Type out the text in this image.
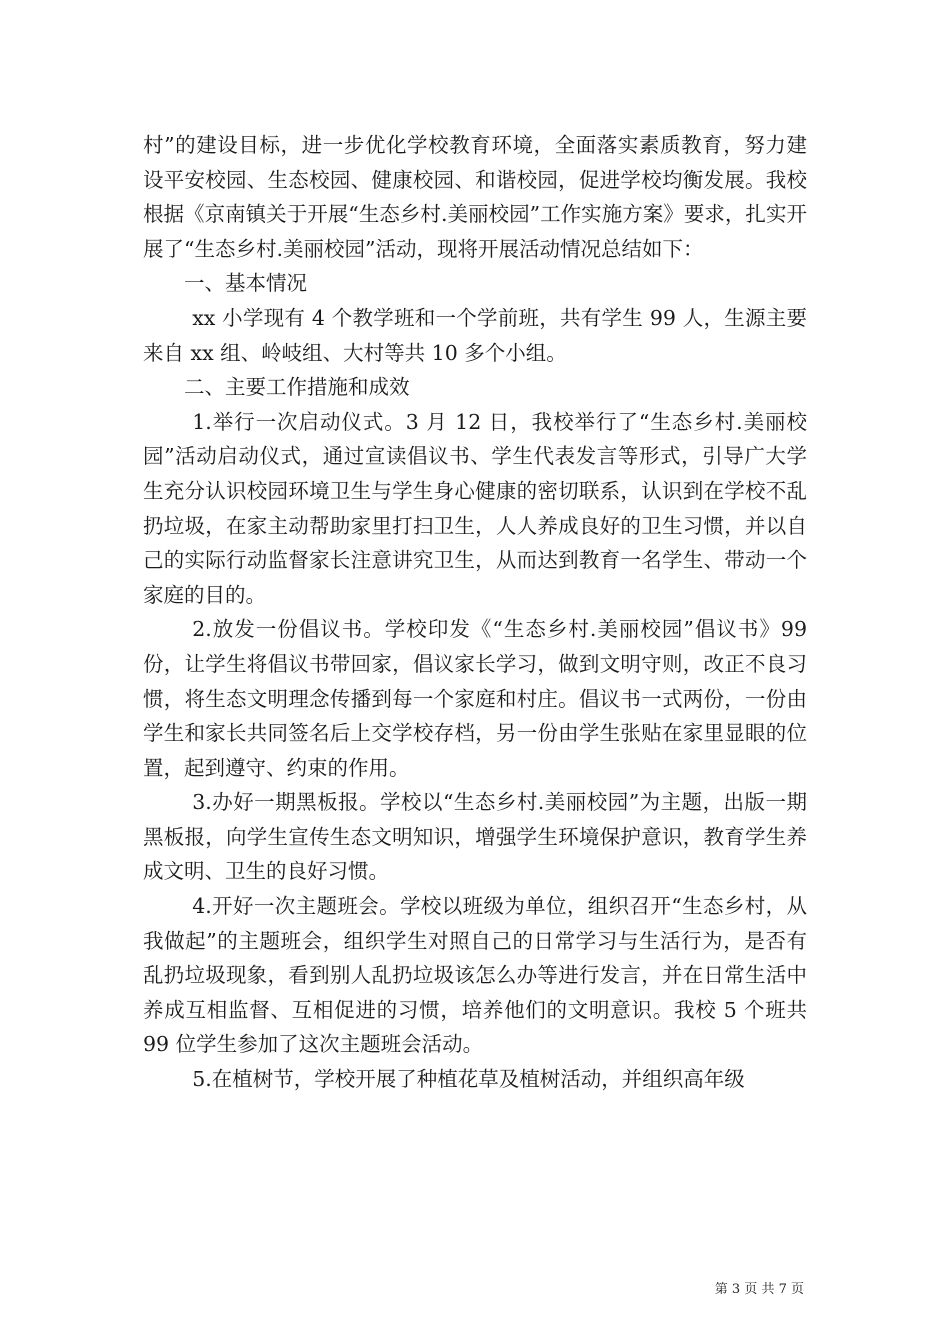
村”的建设目标，进一步优化学校教育环境，全面落实素质教育，努力建设平安校园、生态校园、健康校园、和谐校园，促进学校均衡发展。我校根据《京南镇关于开展“生态乡村.美丽校园”工作实施方案》要求，扎实开展了“生态乡村.美丽校园”活动，现将开展活动情况总结如下：

一、基本情况

xx 小学现有 4 个教学班和一个学前班，共有学生 99 人，生源主要来自 xx 组、岭岐组、大村等共 10 多个小组。

二、主要工作措施和成效

1.举行一次启动仪式。3 月 12 日，我校举行了“生态乡村.美丽校园”活动启动仪式，通过宣读倡议书、学生代表发言等形式，引导广大学生充分认识校园环境卫生与学生身心健康的密切联系，认识到在学校不乱扔垃圾，在家主动帮助家里打扫卫生，人人养成良好的卫生习惯，并以自己的实际行动监督家长注意讲究卫生，从而达到教育一名学生、带动一个家庭的目的。

2.放发一份倡议书。学校印发《“生态乡村.美丽校园”倡议书》99 份，让学生将倡议书带回家，倡议家长学习，做到文明守则，改正不良习惯，将生态文明理念传播到每一个家庭和村庄。倡议书一式两份，一份由学生和家长共同签名后上交学校存档，另一份由学生张贴在家里显眼的位置，起到遵守、约束的作用。

3.办好一期黑板报。学校以“生态乡村.美丽校园”为主题，出版一期黑板报，向学生宣传生态文明知识，增强学生环境保护意识，教育学生养成文明、卫生的良好习惯。

4.开好一次主题班会。学校以班级为单位，组织召开“生态乡村，从我做起”的主题班会，组织学生对照自己的日常学习与生活行为，是否有乱扔垃圾现象，看到别人乱扔垃圾该怎么办等进行发言，并在日常生活中养成互相监督、互相促进的习惯，培养他们的文明意识。我校 5 个班共 99 位学生参加了这次主题班会活动。

5.在植树节，学校开展了种植花草及植树活动，并组织高年级

第 3 页 共 7 页
